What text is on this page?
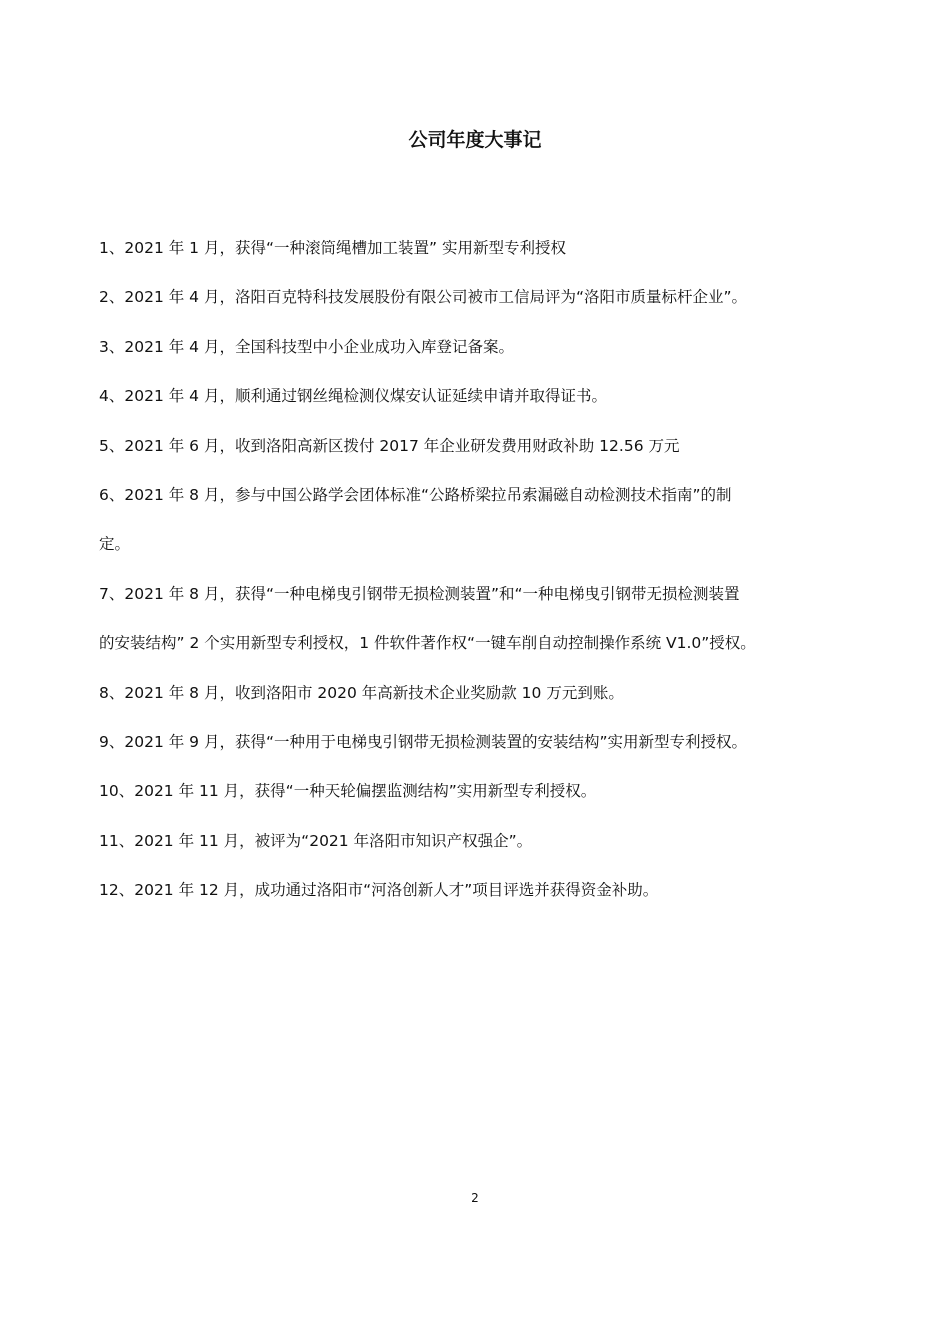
公司年度大事记
1、2021 年 1 月，获得“一种滚筒绳槽加工装置” 实用新型专利授权
2、2021 年 4 月，洛阳百克特科技发展股份有限公司被市工信局评为“洛阳市质量标杆企业”。
3、2021 年 4 月，全国科技型中小企业成功入库登记备案。
4、2021 年 4 月，顺利通过钢丝绳检测仪煤安认证延续申请并取得证书。
5、2021 年 6 月，收到洛阳高新区拨付 2017 年企业研发费用财政补助 12.56 万元
6、2021 年 8 月，参与中国公路学会团体标准“公路桥梁拉吊索漏磁自动检测技术指南”的制
定。
7、2021 年 8 月，获得“一种电梯曳引钢带无损检测装置”和“一种电梯曳引钢带无损检测装置
的安装结构” 2 个实用新型专利授权，1 件软件著作权“一键车削自动控制操作系统 V1.0”授权。
8、2021 年 8 月，收到洛阳市 2020 年高新技术企业奖励款 10 万元到账。
9、2021 年 9 月，获得“一种用于电梯曳引钢带无损检测装置的安装结构”实用新型专利授权。
10、2021 年 11 月，获得“一种天轮偏摆监测结构”实用新型专利授权。
11、2021 年 11 月，被评为“2021 年洛阳市知识产权强企”。
12、2021 年 12 月，成功通过洛阳市“河洛创新人才”项目评选并获得资金补助。
2
